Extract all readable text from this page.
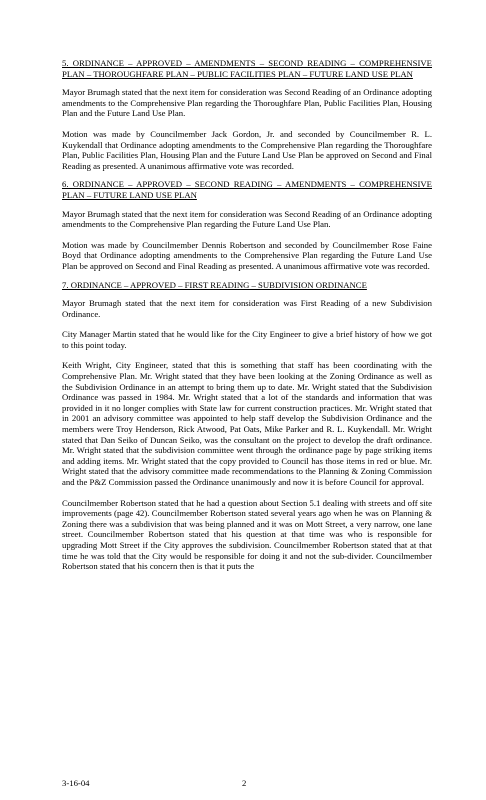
5. ORDINANCE – APPROVED – AMENDMENTS – SECOND READING – COMPREHENSIVE PLAN – THOROUGHFARE PLAN – PUBLIC FACILITIES PLAN – FUTURE LAND USE PLAN

Mayor Brumagh stated that the next item for consideration was Second Reading of an Ordinance adopting amendments to the Comprehensive Plan regarding the Thoroughfare Plan, Public Facilities Plan, Housing Plan and the Future Land Use Plan.

Motion was made by Councilmember Jack Gordon, Jr. and seconded by Councilmember R. L. Kuykendall that Ordinance adopting amendments to the Comprehensive Plan regarding the Thoroughfare Plan, Public Facilities Plan, Housing Plan and the Future Land Use Plan be approved on Second and Final Reading as presented. A unanimous affirmative vote was recorded.

6. ORDINANCE – APPROVED – SECOND READING – AMENDMENTS – COMPREHENSIVE PLAN – FUTURE LAND USE PLAN

Mayor Brumagh stated that the next item for consideration was Second Reading of an Ordinance adopting amendments to the Comprehensive Plan regarding the Future Land Use Plan.

Motion was made by Councilmember Dennis Robertson and seconded by Councilmember Rose Faine Boyd that Ordinance adopting amendments to the Comprehensive Plan regarding the Future Land Use Plan be approved on Second and Final Reading as presented. A unanimous affirmative vote was recorded.

7. ORDINANCE – APPROVED – FIRST READING – SUBDIVISION ORDINANCE

Mayor Brumagh stated that the next item for consideration was First Reading of a new Subdivision Ordinance.

City Manager Martin stated that he would like for the City Engineer to give a brief history of how we got to this point today.

Keith Wright, City Engineer, stated that this is something that staff has been coordinating with the Comprehensive Plan. Mr. Wright stated that they have been looking at the Zoning Ordinance as well as the Subdivision Ordinance in an attempt to bring them up to date. Mr. Wright stated that the Subdivision Ordinance was passed in 1984. Mr. Wright stated that a lot of the standards and information that was provided in it no longer complies with State law for current construction practices. Mr. Wright stated that in 2001 an advisory committee was appointed to help staff develop the Subdivision Ordinance and the members were Troy Henderson, Rick Atwood, Pat Oats, Mike Parker and R. L. Kuykendall. Mr. Wright stated that Dan Seiko of Duncan Seiko, was the consultant on the project to develop the draft ordinance. Mr. Wright stated that the subdivision committee went through the ordinance page by page striking items and adding items. Mr. Wright stated that the copy provided to Council has those items in red or blue. Mr. Wright stated that the advisory committee made recommendations to the Planning & Zoning Commission and the P&Z Commission passed the Ordinance unanimously and now it is before Council for approval.

Councilmember Robertson stated that he had a question about Section 5.1 dealing with streets and off site improvements (page 42). Councilmember Robertson stated several years ago when he was on Planning & Zoning there was a subdivision that was being planned and it was on Mott Street, a very narrow, one lane street. Councilmember Robertson stated that his question at that time was who is responsible for upgrading Mott Street if the City approves the subdivision. Councilmember Robertson stated that at that time he was told that the City would be responsible for doing it and not the sub-divider. Councilmember Robertson stated that his concern then is that it puts the

3-16-04	2
